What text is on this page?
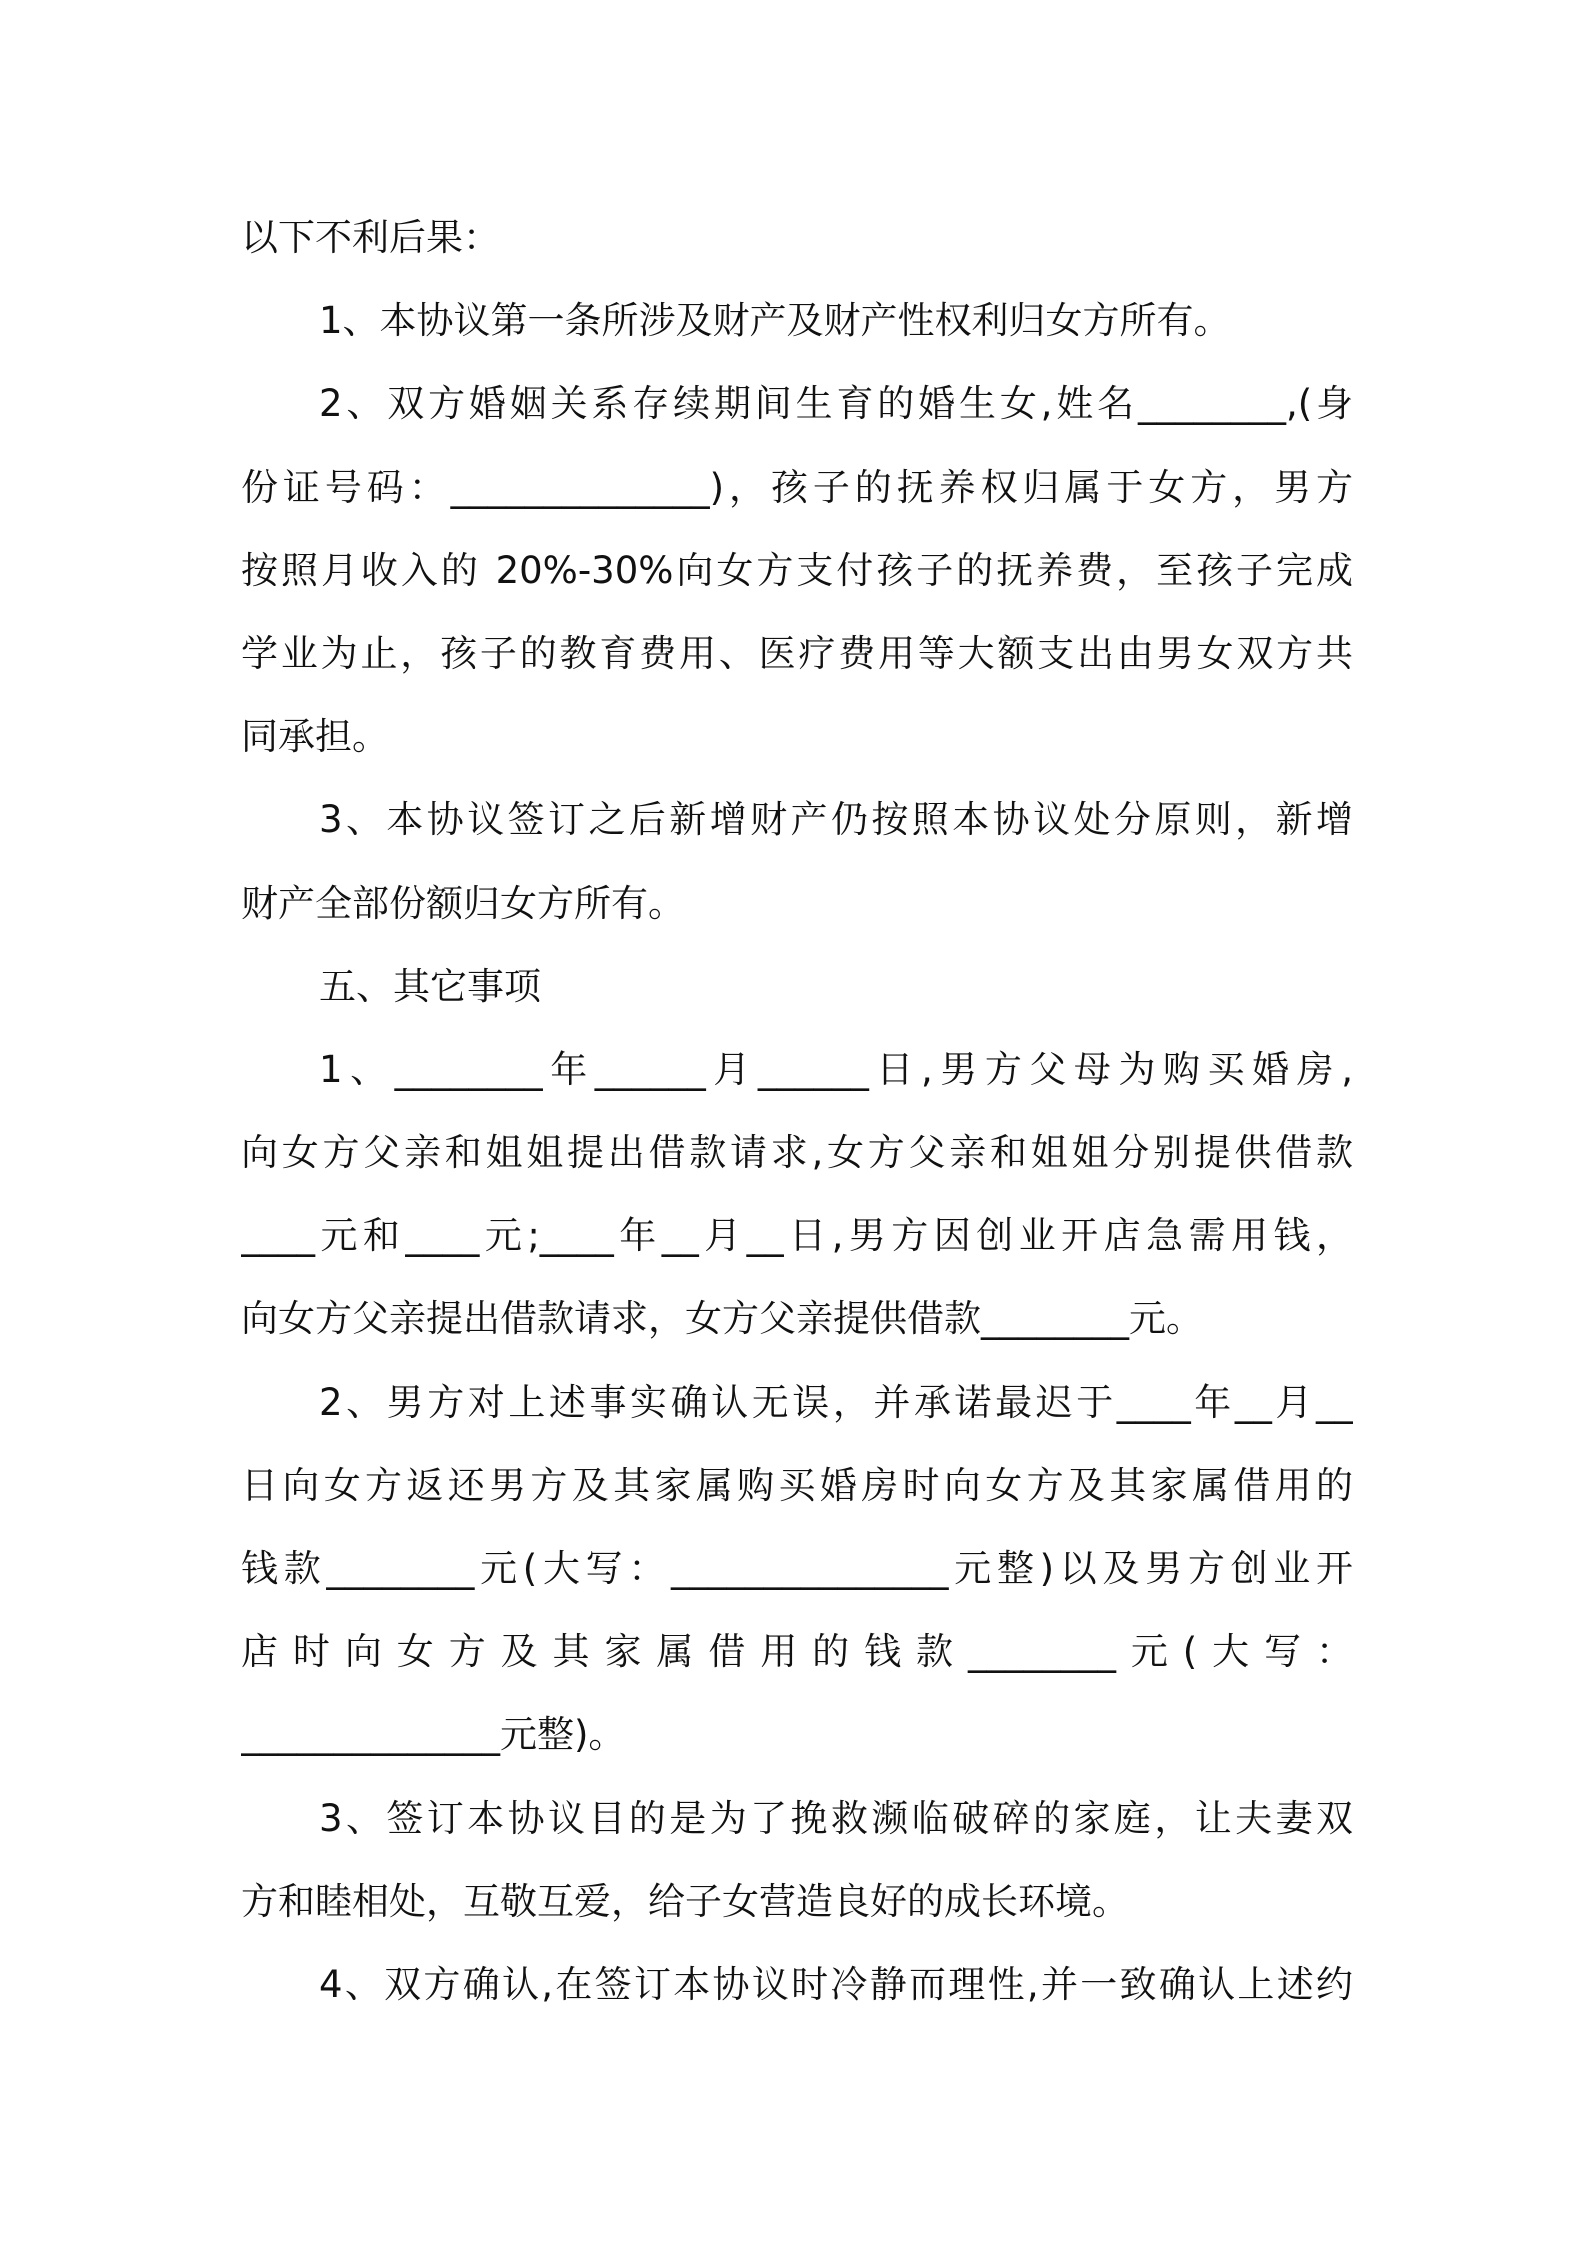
以下不利后果：
1、本协议第一条所涉及财产及财产性权利归女方所有。
2、双方婚姻关系存续期间生育的婚生女,姓名________,(身
份证号码：______________)，孩子的抚养权归属于女方，男方
按照月收入的 20%-30%向女方支付孩子的抚养费，至孩子完成
学业为止，孩子的教育费用、医疗费用等大额支出由男女双方共
同承担。
3、本协议签订之后新增财产仍按照本协议处分原则，新增
财产全部份额归女方所有。
五、其它事项
1、________年______月______日,男方父母为购买婚房,
向女方父亲和姐姐提出借款请求,女方父亲和姐姐分别提供借款
____元和____元;____年__月__日,男方因创业开店急需用钱，
向女方父亲提出借款请求，女方父亲提供借款________元。
2、男方对上述事实确认无误，并承诺最迟于____年__月__
日向女方返还男方及其家属购买婚房时向女方及其家属借用的
钱款________元(大写：_______________元整)以及男方创业开
店时向女方及其家属借用的钱款________元(大写：
______________元整)。
3、签订本协议目的是为了挽救濒临破碎的家庭，让夫妻双
方和睦相处，互敬互爱，给子女营造良好的成长环境。
4、双方确认,在签订本协议时冷静而理性,并一致确认上述约
